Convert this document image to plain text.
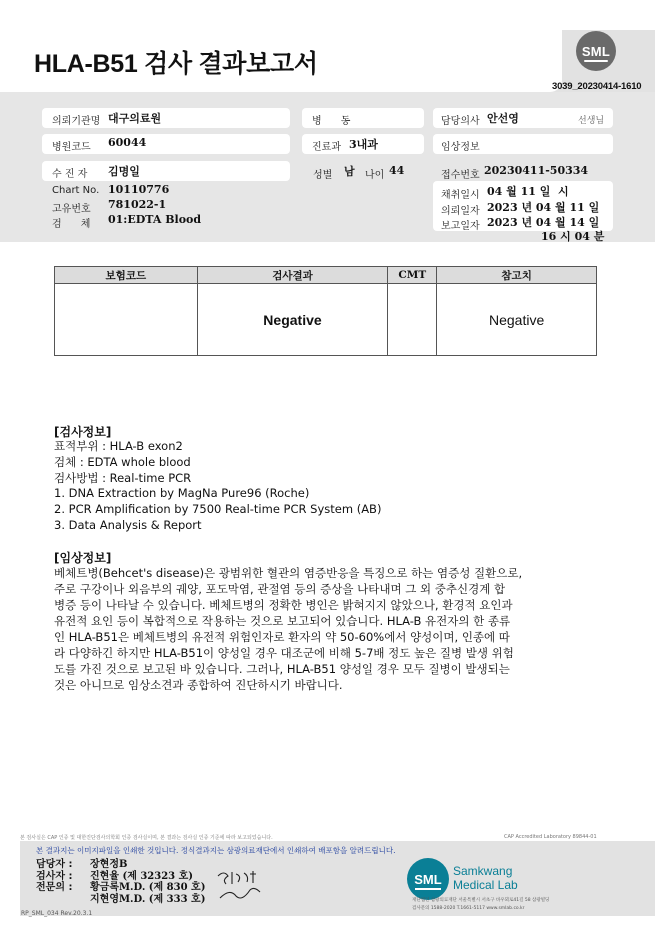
HLA-B51 검사 결과보고서	SML
3039_20230414-1610
의뢰기관명 대구의료원
병원코드 60044
수 진 자 김명일
Chart No. 10110776
고유번호 781022-1
검      체 01:EDTA Blood
병      동
진료과 3내과
성별 남 나이 44
담당의사 안선영	선생님
임상정보
접수번호 20230411-50334
채취일시 04 월 11 일  시
의뢰일자 2023 년 04 월 11 일
보고일자 2023 년 04 월 14 일
16 시 04 분
보험코드	검사결과	CMT	참고치
	Negative		Negative
[검사정보]
표적부위 : HLA-B exon2
검체 : EDTA whole blood
검사방법 : Real-time PCR
1. DNA Extraction by MagNa Pure96 (Roche)
2. PCR Amplification by 7500 Real-time PCR System (AB)
3. Data Analysis & Report
[임상정보]
베체트병(Behcet's disease)은 광범위한 혈관의 염증반응을 특징으로 하는 염증성 질환으로,
주로 구강이나 외음부의 궤양, 포도막염, 관절염 등의 증상을 나타내며 그 외 중추신경계 합
병증 등이 나타날 수 있습니다. 베체트병의 정확한 병인은 밝혀지지 않았으나, 환경적 요인과
유전적 요인 등이 복합적으로 작용하는 것으로 보고되어 있습니다. HLA-B 유전자의 한 종류
인 HLA-B51은 베체트병의 유전적 위험인자로 환자의 약 50-60%에서 양성이며, 인종에 따
라 다양하긴 하지만 HLA-B51이 양성일 경우 대조군에 비해 5-7배 정도 높은 질병 발생 위험
도를 가진 것으로 보고된 바 있습니다. 그러나, HLA-B51 양성일 경우 모두 질병이 발생되는
것은 아니므로 임상소견과 종합하여 진단하시기 바랍니다.
본 검사실은 CAP 인증 및 대한진단검사의학회 인증 검사실이며, 본 결과는 검사실 인증 기준에 따라 보고되었습니다.	CAP Accredited Laboratory 89844-01
본 결과지는 이미지파일을 인쇄한 것입니다. 정식결과지는 삼광의료재단에서 인쇄하여 배포함을 알려드립니다.
담당자 : 장현정B
검사자 : 진현율 (제 32323 호)
전문의 : 황금록M.D. (제 830 호)
지현영M.D. (제 333 호)
SML
Samkwang
Medical Lab
재단법인 삼광의료재단 서울특별시 서초구 바우뫼로41길 58 삼광빌딩
검사문의 1588-2020 T.1661-5117 www.smlab.co.kr
RP_SML_034 Rev.20.3.1
